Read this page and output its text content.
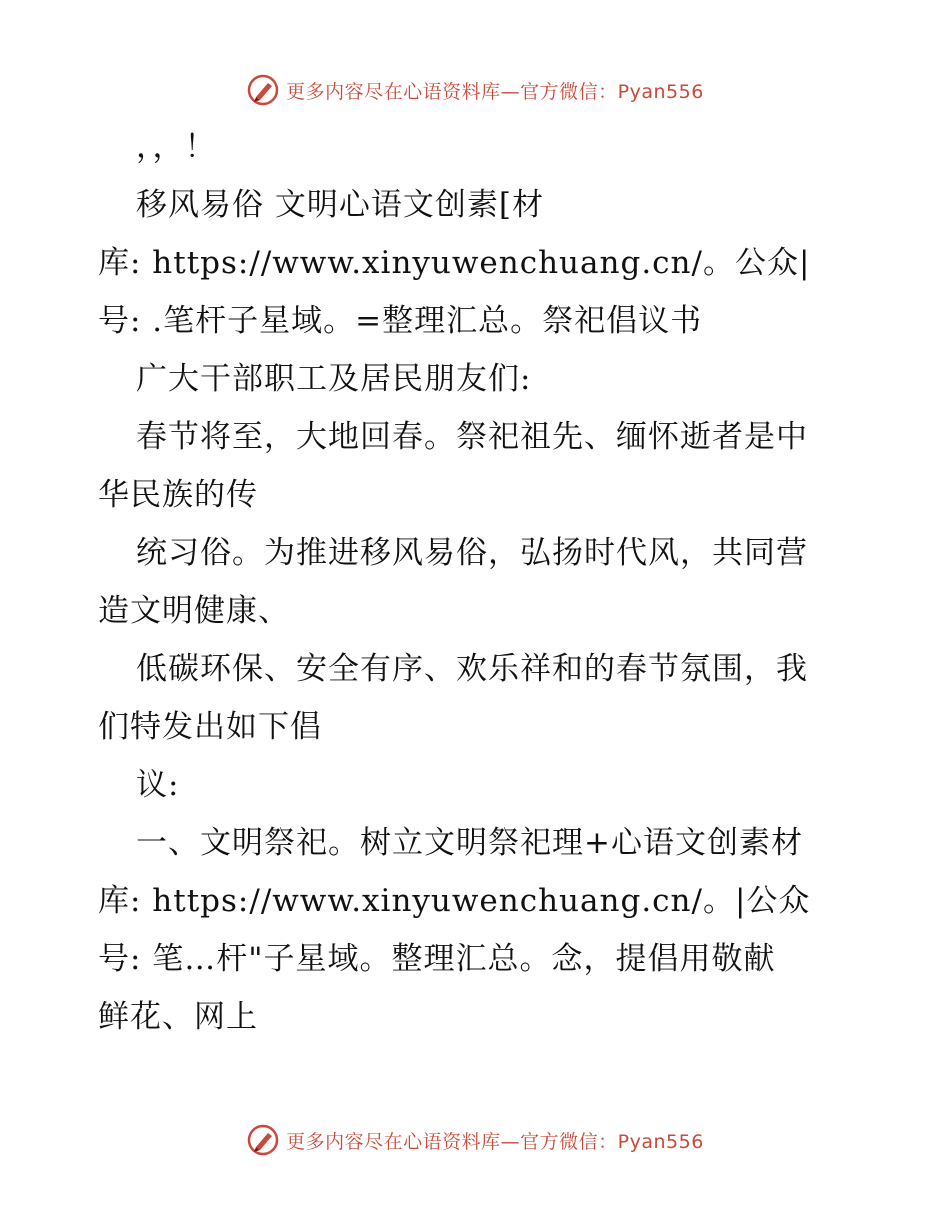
更多内容尽在心语资料库—官方微信：Pyan556
，，！
移风易俗 文明心语文创素[材
库: https://www.xinyuwenchuang.cn/。公众|
号: .笔杆子星域。=整理汇总。祭祀倡议书
广大干部职工及居民朋友们:
春节将至，大地回春。祭祀祖先、缅怀逝者是中
华民族的传
统习俗。为推进移风易俗，弘扬时代风，共同营
造文明健康、
低碳环保、安全有序、欢乐祥和的春节氛围，我
们特发出如下倡
议:
一、文明祭祀。树立文明祭祀理+心语文创素材
库: https://www.xinyuwenchuang.cn/。|公众
号: 笔…杆"子星域。整理汇总。念，提倡用敬献
鲜花、网上
更多内容尽在心语资料库—官方微信：Pyan556
